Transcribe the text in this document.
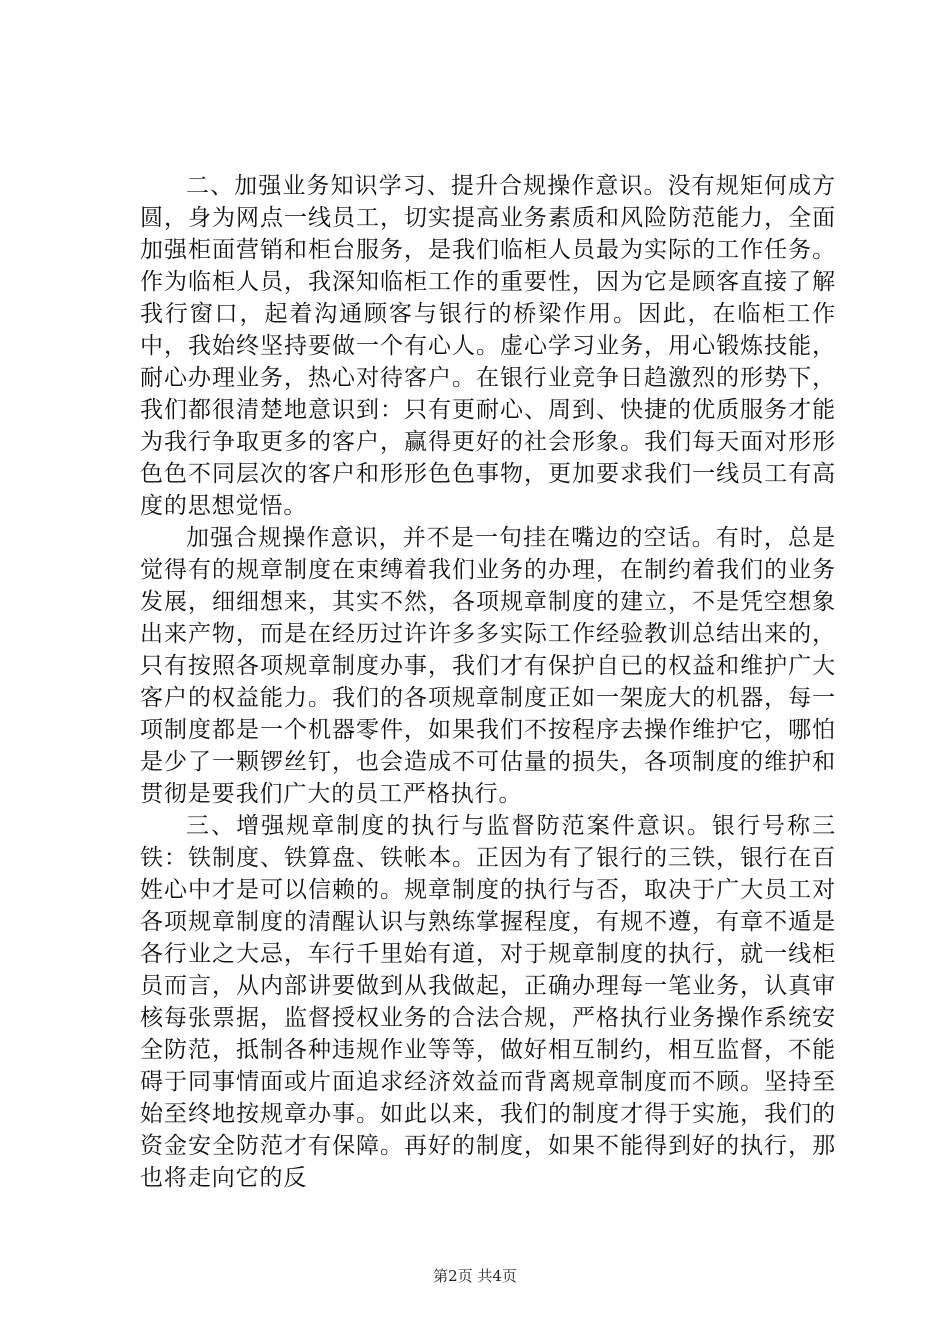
二、加强业务知识学习、提升合规操作意识。没有规矩何成方圆，身为网点一线员工，切实提高业务素质和风险防范能力，全面加强柜面营销和柜台服务，是我们临柜人员最为实际的工作任务。作为临柜人员，我深知临柜工作的重要性，因为它是顾客直接了解我行窗口，起着沟通顾客与银行的桥梁作用。因此，在临柜工作中，我始终坚持要做一个有心人。虚心学习业务，用心锻炼技能，耐心办理业务，热心对待客户。在银行业竞争日趋激烈的形势下，我们都很清楚地意识到：只有更耐心、周到、快捷的优质服务才能为我行争取更多的客户，赢得更好的社会形象。我们每天面对形形色色不同层次的客户和形形色色事物，更加要求我们一线员工有高度的思想觉悟。

加强合规操作意识，并不是一句挂在嘴边的空话。有时，总是觉得有的规章制度在束缚着我们业务的办理，在制约着我们的业务发展，细细想来，其实不然，各项规章制度的建立，不是凭空想象出来产物，而是在经历过许许多多实际工作经验教训总结出来的，只有按照各项规章制度办事，我们才有保护自已的权益和维护广大客户的权益能力。我们的各项规章制度正如一架庞大的机器，每一项制度都是一个机器零件，如果我们不按程序去操作维护它，哪怕是少了一颗锣丝钉，也会造成不可估量的损失，各项制度的维护和贯彻是要我们广大的员工严格执行。

三、增强规章制度的执行与监督防范案件意识。银行号称三铁：铁制度、铁算盘、铁帐本。正因为有了银行的三铁，银行在百姓心中才是可以信赖的。规章制度的执行与否，取决于广大员工对各项规章制度的清醒认识与熟练掌握程度，有规不遵，有章不遁是各行业之大忌，车行千里始有道，对于规章制度的执行，就一线柜员而言，从内部讲要做到从我做起，正确办理每一笔业务，认真审核每张票据，监督授权业务的合法合规，严格执行业务操作系统安全防范，抵制各种违规作业等等，做好相互制约，相互监督，不能碍于同事情面或片面追求经济效益而背离规章制度而不顾。坚持至始至终地按规章办事。如此以来，我们的制度才得于实施，我们的资金安全防范才有保障。再好的制度，如果不能得到好的执行，那也将走向它的反

第2页 共4页
